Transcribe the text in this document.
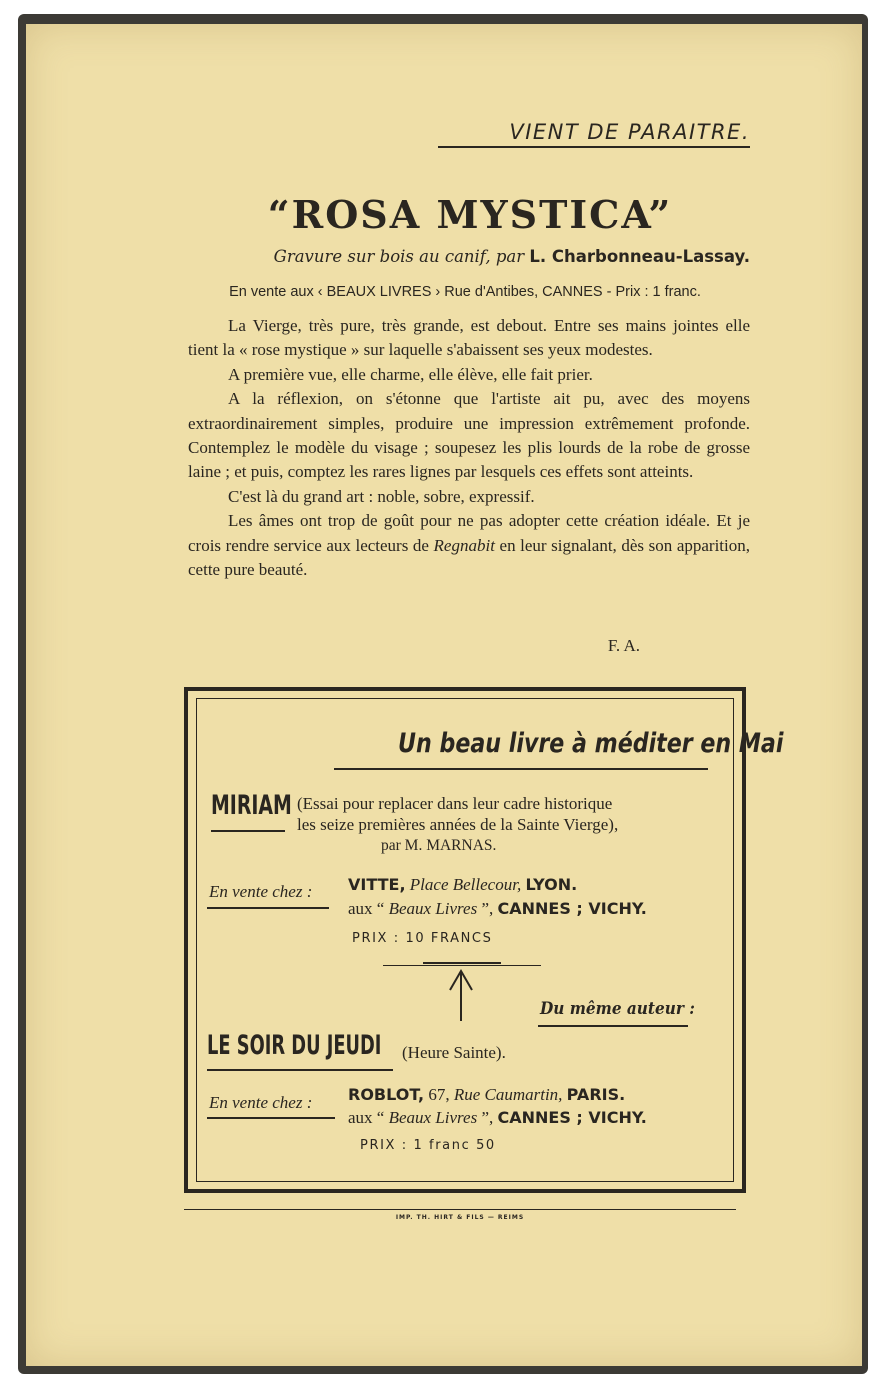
VIENT DE PARAITRE.
“ROSA MYSTICA”
Gravure sur bois au canif, par L. Charbonneau-Lassay.
En vente aux ‹ BEAUX LIVRES › Rue d'Antibes, CANNES - Prix : 1 franc.

La Vierge, très pure, très grande, est debout. Entre ses mains jointes elle tient la « rose mystique » sur laquelle s'abaissent ses yeux modestes.

A première vue, elle charme, elle élève, elle fait prier.

A la réflexion, on s'étonne que l'artiste ait pu, avec des moyens extraordinairement simples, produire une impression extrêmement profonde. Contemplez le modèle du visage ; soupesez les plis lourds de la robe de grosse laine ; et puis, comptez les rares lignes par lesquels ces effets sont atteints.

C'est là du grand art : noble, sobre, expressif.

Les âmes ont trop de goût pour ne pas adopter cette création idéale. Et je crois rendre service aux lecteurs de Regnabit en leur signalant, dès son apparition, cette pure beauté.

F. A.
Un beau livre à méditer en Mai
MIRIAM (Essai pour replacer dans leur cadre historique
les seize premières années de la Sainte Vierge),
par M. MARNAS.
En vente chez : VITTE, Place Bellecour, LYON.
aux “ Beaux Livres ”, CANNES ; VICHY.
PRIX : 10 FRANCS
Du même auteur :
LE SOIR DU JEUDI (Heure Sainte).
En vente chez : ROBLOT, 67, Rue Caumartin, PARIS.
aux “ Beaux Livres ”, CANNES ; VICHY.
PRIX : 1 franc 50
IMP. TH. HIRT & FILS — REIMS
